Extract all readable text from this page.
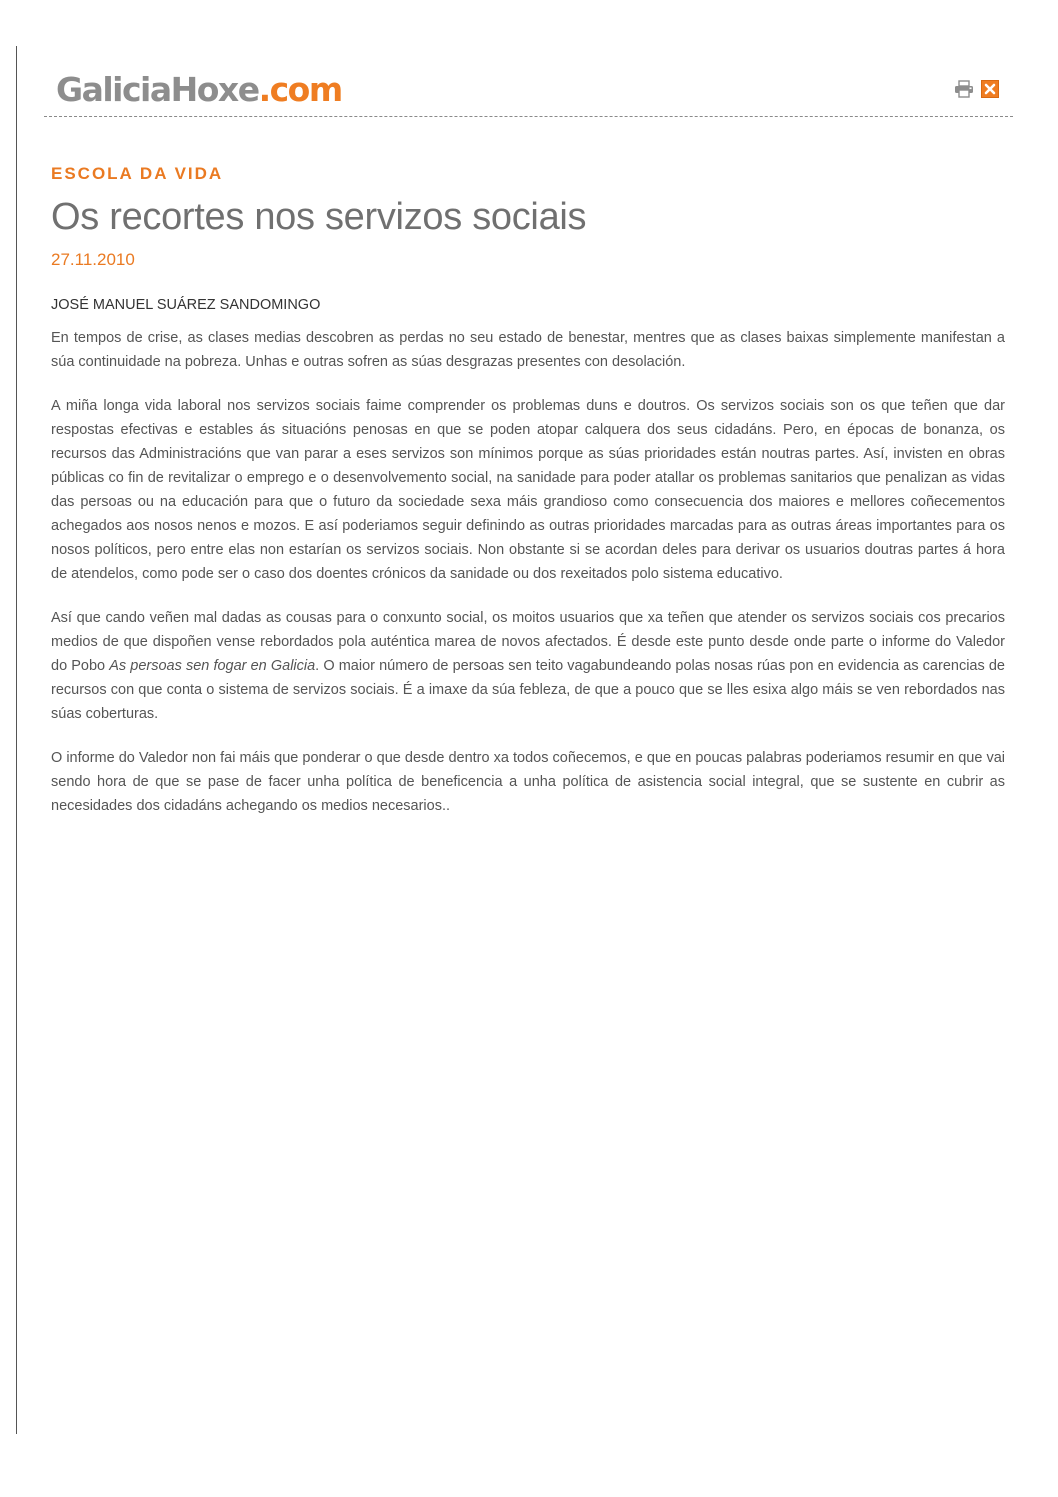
GaliciaHoxe.com

ESCOLA DA VIDA

Os recortes nos servizos sociais

27.11.2010

JOSÉ MANUEL SUÁREZ SANDOMINGO

En tempos de crise, as clases medias descobren as perdas no seu estado de benestar, mentres que as clases baixas simplemente manifestan a súa continuidade na pobreza. Unhas e outras sofren as súas desgrazas presentes con desolación.

A miña longa vida laboral nos servizos sociais faime comprender os problemas duns e doutros. Os servizos sociais son os que teñen que dar respostas efectivas e estables ás situacións penosas en que se poden atopar calquera dos seus cidadáns. Pero, en épocas de bonanza, os recursos das Administracións que van parar a eses servizos son mínimos porque as súas prioridades están noutras partes. Así, invisten en obras públicas co fin de revitalizar o emprego e o desenvolvemento social, na sanidade para poder atallar os problemas sanitarios que penalizan as vidas das persoas ou na educación para que o futuro da sociedade sexa máis grandioso como consecuencia dos maiores e mellores coñecementos achegados aos nosos nenos e mozos. E así poderiamos seguir definindo as outras prioridades marcadas para as outras áreas importantes para os nosos políticos, pero entre elas non estarían os servizos sociais. Non obstante si se acordan deles para derivar os usuarios doutras partes á hora de atendelos, como pode ser o caso dos doentes crónicos da sanidade ou dos rexeitados polo sistema educativo.

Así que cando veñen mal dadas as cousas para o conxunto social, os moitos usuarios que xa teñen que atender os servizos sociais cos precarios medios de que dispoñen vense rebordados pola auténtica marea de novos afectados. É desde este punto desde onde parte o informe do Valedor do Pobo As persoas sen fogar en Galicia. O maior número de persoas sen teito vagabundeando polas nosas rúas pon en evidencia as carencias de recursos con que conta o sistema de servizos sociais. É a imaxe da súa febleza, de que a pouco que se lles esixa algo máis se ven rebordados nas súas coberturas.

O informe do Valedor non fai máis que ponderar o que desde dentro xa todos coñecemos, e que en poucas palabras poderiamos resumir en que vai sendo hora de que se pase de facer unha política de beneficencia a unha política de asistencia social integral, que se sustente en cubrir as necesidades dos cidadáns achegando os medios necesarios..
